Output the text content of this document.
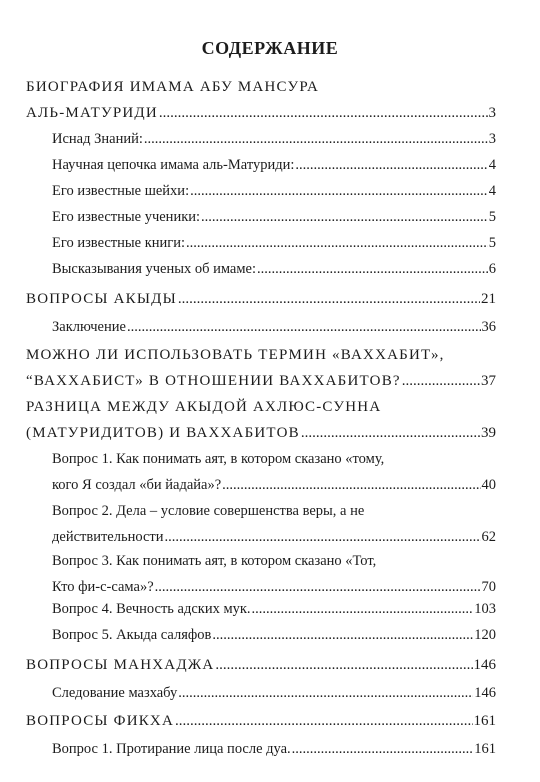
СОДЕРЖАНИЕ
БИОГРАФИЯ ИМАМА АБУ МАНСУРА
АЛЬ-МАТУРИДИ .....	3
Иснад Знаний: .....	3
Научная цепочка имама аль-Матуриди: .....	4
Его известные шейхи: .....	4
Его известные ученики: .....	5
Его известные книги: .....	5
Высказывания ученых об имаме: .....	6
ВОПРОСЫ АКЫДЫ .....	21
Заключение .....	36
МОЖНО ЛИ ИСПОЛЬЗОВАТЬ ТЕРМИН «ВАХХАБИТ»,
“ВАХХАБИСТ» В ОТНОШЕНИИ ВАХХАБИТОВ? .....	37
РАЗНИЦА МЕЖДУ АКЫДОЙ АХЛЮС-СУННА
(МАТУРИДИТОВ) И ВАХХАБИТОВ .....	39
Вопрос 1. Как понимать аят, в котором сказано «тому,
кого Я создал «би йадайа»? .....	40
Вопрос 2. Дела – условие совершенства веры, а не
действительности .....	62
Вопрос 3. Как понимать аят, в котором сказано «Тот,
Кто фи-с-сама»? .....	70
Вопрос 4. Вечность адских мук. .....	103
Вопрос 5. Акыда саляфов .....	120
ВОПРОСЫ МАНХАДЖА .....	146
Следование мазхабу .....	146
ВОПРОСЫ ФИКХА .....	161
Вопрос 1. Протирание лица после дуа. .....	161
